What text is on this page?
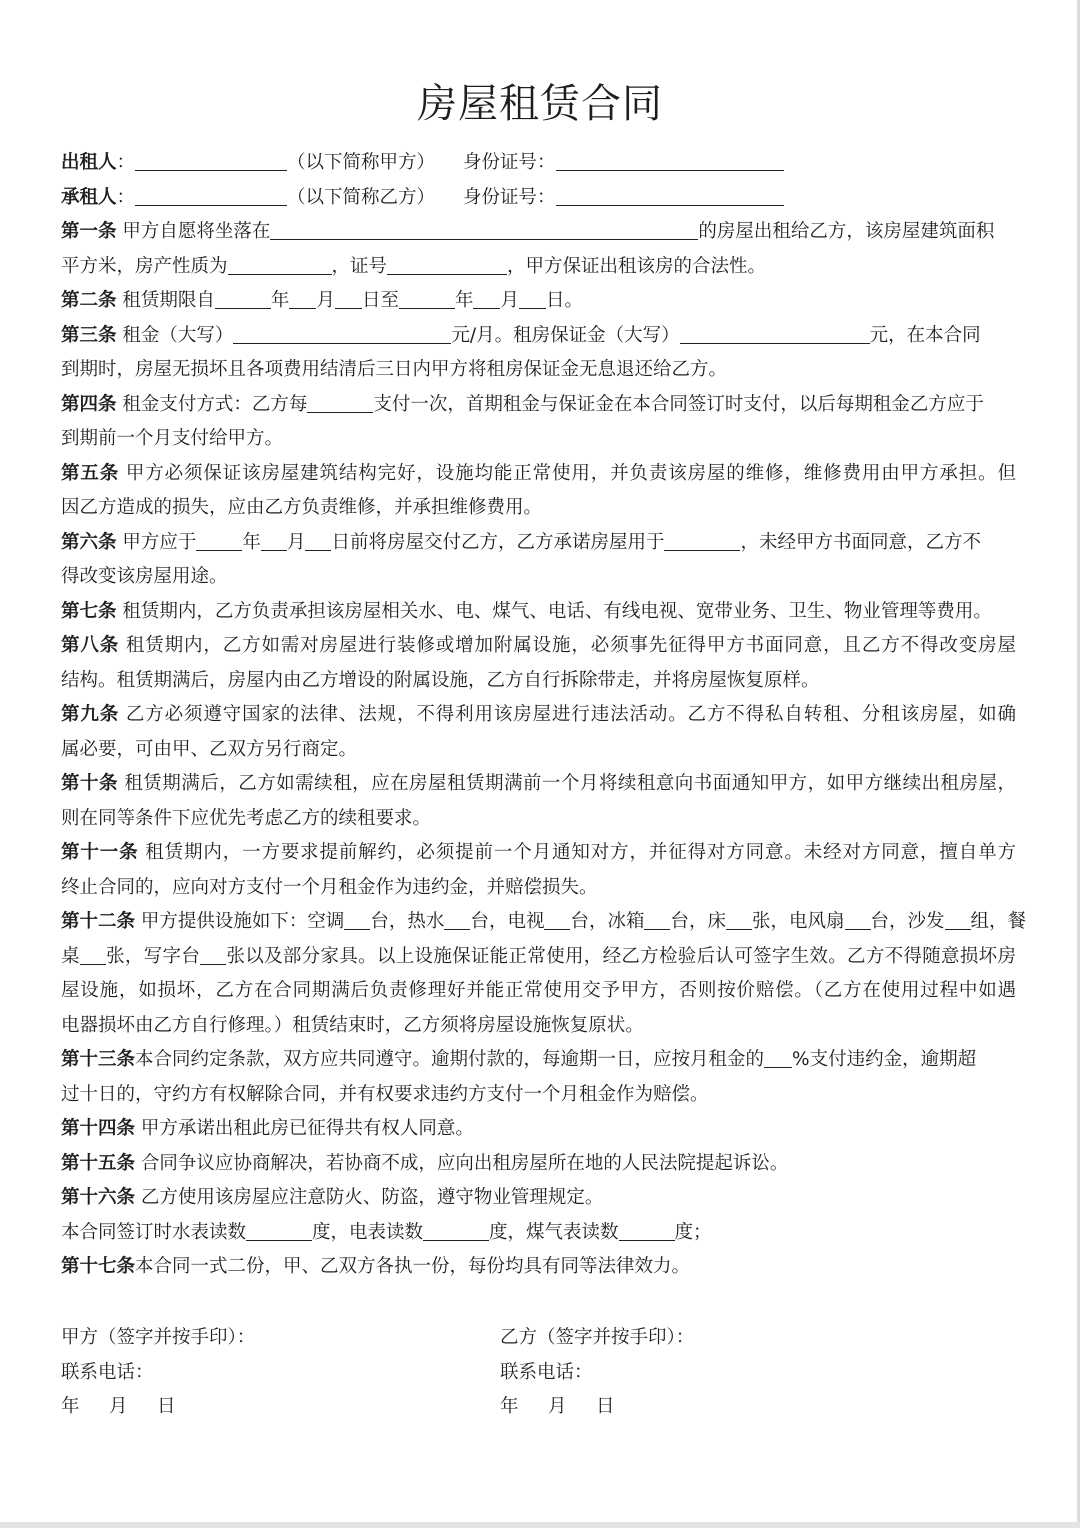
房屋租赁合同
出租人：	（以下简称甲方） 身份证号：
承租人：	（以下简称乙方） 身份证号：
第一条 甲方自愿将坐落在	的房屋出租给乙方，该房屋建筑面积
平方米，房产性质为	，证号	，甲方保证出租该房的合法性。
第二条 租赁期限自	年 月 日至	年 月 日。
第三条 租金（大写）	元/月。租房保证金（大写）	元，在本合同
到期时，房屋无损坏且各项费用结清后三日内甲方将租房保证金无息退还给乙方。
第四条 租金支付方式：乙方每	支付一次，首期租金与保证金在本合同签订时支付，以后每期租金乙方应于
到期前一个月支付给甲方。
第五条 甲方必须保证该房屋建筑结构完好，设施均能正常使用，并负责该房屋的维修，维修费用由甲方承担。但
因乙方造成的损失，应由乙方负责维修，并承担维修费用。
第六条 甲方应于 年 月 日前将房屋交付乙方，乙方承诺房屋用于	，未经甲方书面同意，乙方不
得改变该房屋用途。
第七条 租赁期内，乙方负责承担该房屋相关水、电、煤气、电话、有线电视、宽带业务、卫生、物业管理等费用。
第八条 租赁期内，乙方如需对房屋进行装修或增加附属设施，必须事先征得甲方书面同意，且乙方不得改变房屋
结构。租赁期满后，房屋内由乙方增设的附属设施，乙方自行拆除带走，并将房屋恢复原样。
第九条 乙方必须遵守国家的法律、法规，不得利用该房屋进行违法活动。乙方不得私自转租、分租该房屋，如确
属必要，可由甲、乙双方另行商定。
第十条 租赁期满后，乙方如需续租，应在房屋租赁期满前一个月将续租意向书面通知甲方，如甲方继续出租房屋，
则在同等条件下应优先考虑乙方的续租要求。
第十一条 租赁期内，一方要求提前解约，必须提前一个月通知对方，并征得对方同意。未经对方同意，擅自单方
终止合同的，应向对方支付一个月租金作为违约金，并赔偿损失。
第十二条 甲方提供设施如下：空调 台，热水 台，电视 台，冰箱 台，床 张，电风扇 台，沙发 组，餐
桌 张，写字台 张以及部分家具。以上设施保证能正常使用，经乙方检验后认可签字生效。乙方不得随意损坏房
屋设施，如损坏，乙方在合同期满后负责修理好并能正常使用交予甲方，否则按价赔偿。（乙方在使用过程中如遇
电器损坏由乙方自行修理。）租赁结束时，乙方须将房屋设施恢复原状。
第十三条本合同约定条款，双方应共同遵守。逾期付款的，每逾期一日，应按月租金的 %支付违约金，逾期超
过十日的，守约方有权解除合同，并有权要求违约方支付一个月租金作为赔偿。
第十四条 甲方承诺出租此房已征得共有权人同意。
第十五条 合同争议应协商解决，若协商不成，应向出租房屋所在地的人民法院提起诉讼。
第十六条 乙方使用该房屋应注意防火、防盗，遵守物业管理规定。
本合同签订时水表读数	度，电表读数	度，煤气表读数	度；
第十七条本合同一式二份，甲、乙双方各执一份，每份均具有同等法律效力。
甲方（签字并按手印）：
联系电话：
年 月 日
乙方（签字并按手印）：
联系电话：
年 月 日
